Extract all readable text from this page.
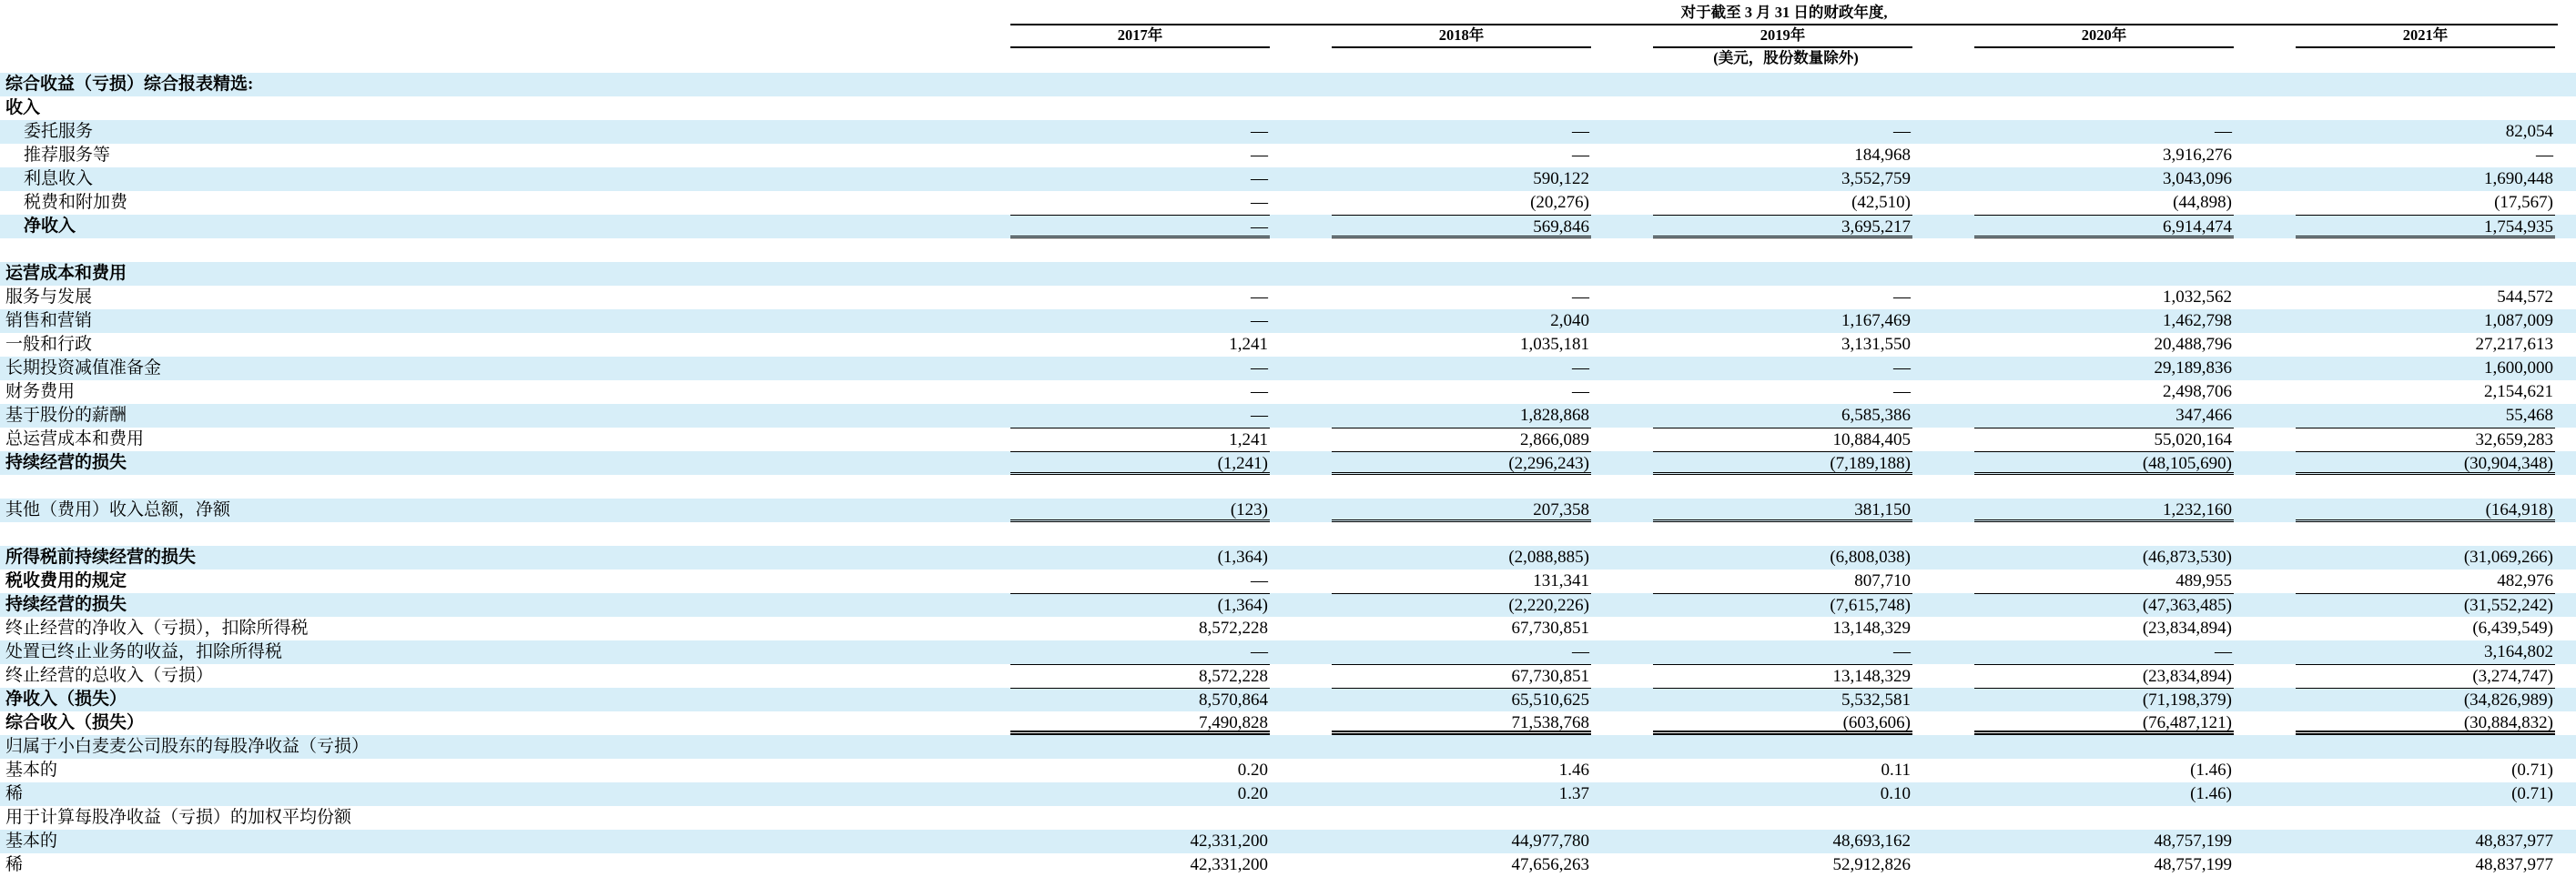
对于截至 3 月 31 日的财政年度,
2017年	2018年	2019年	2020年	2021年
(美元，股份数量除外)
综合收益（亏损）综合报表精选:
收入
委托服务	—	—	—	—	82,054
推荐服务等	—	—	184,968	3,916,276	—
利息收入	—	590,122	3,552,759	3,043,096	1,690,448
税费和附加费	—	(20,276)	(42,510)	(44,898)	(17,567)
净收入	—	569,846	3,695,217	6,914,474	1,754,935
运营成本和费用
服务与发展	—	—	—	1,032,562	544,572
销售和营销	—	2,040	1,167,469	1,462,798	1,087,009
一般和行政	1,241	1,035,181	3,131,550	20,488,796	27,217,613
长期投资减值准备金	—	—	—	29,189,836	1,600,000
财务费用	—	—	—	2,498,706	2,154,621
基于股份的薪酬	—	1,828,868	6,585,386	347,466	55,468
总运营成本和费用	1,241	2,866,089	10,884,405	55,020,164	32,659,283
持续经营的损失	(1,241)	(2,296,243)	(7,189,188)	(48,105,690)	(30,904,348)
其他（费用）收入总额，净额	(123)	207,358	381,150	1,232,160	(164,918)
所得税前持续经营的损失	(1,364)	(2,088,885)	(6,808,038)	(46,873,530)	(31,069,266)
税收费用的规定	—	131,341	807,710	489,955	482,976
持续经营的损失	(1,364)	(2,220,226)	(7,615,748)	(47,363,485)	(31,552,242)
终止经营的净收入（亏损），扣除所得税	8,572,228	67,730,851	13,148,329	(23,834,894)	(6,439,549)
处置已终止业务的收益，扣除所得税	—	—	—	—	3,164,802
终止经营的总收入（亏损）	8,572,228	67,730,851	13,148,329	(23,834,894)	(3,274,747)
净收入（损失）	8,570,864	65,510,625	5,532,581	(71,198,379)	(34,826,989)
综合收入（损失）	7,490,828	71,538,768	(603,606)	(76,487,121)	(30,884,832)
归属于小白麦麦公司股东的每股净收益（亏损）
基本的	0.20	1.46	0.11	(1.46)	(0.71)
稀	0.20	1.37	0.10	(1.46)	(0.71)
用于计算每股净收益（亏损）的加权平均份额
基本的	42,331,200	44,977,780	48,693,162	48,757,199	48,837,977
稀	42,331,200	47,656,263	52,912,826	48,757,199	48,837,977
